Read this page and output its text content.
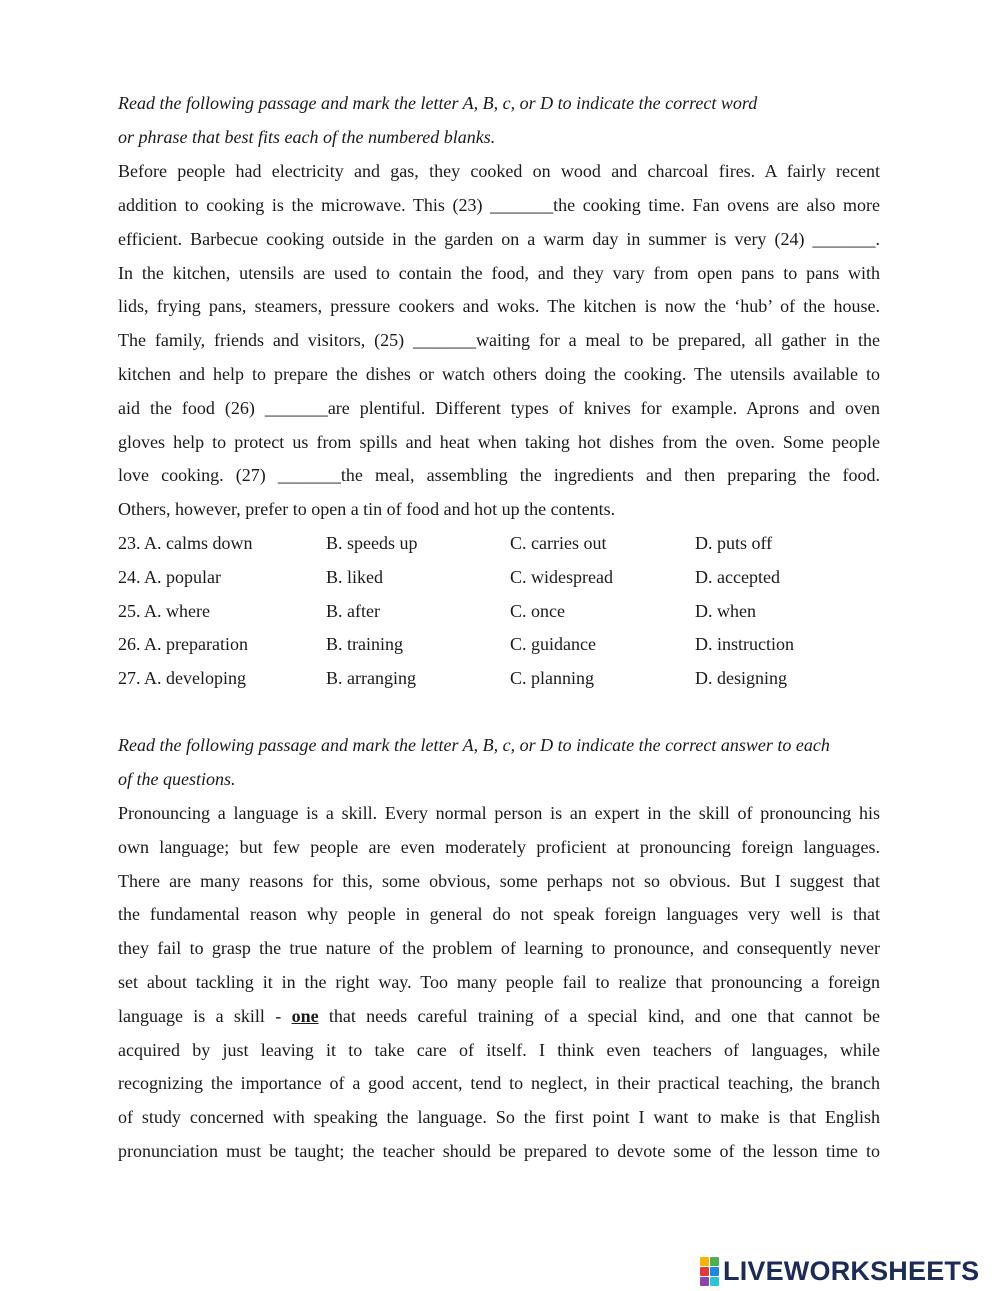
Read the following passage and mark the letter A, B, c, or D to indicate the correct word
or phrase that best fits each of the numbered blanks.
Before people had electricity and gas, they cooked on wood and charcoal fires. A fairly recent
addition to cooking is the microwave. This (23) _______the cooking time. Fan ovens are also more
efficient. Barbecue cooking outside in the garden on a warm day in summer is very (24) _______.
In the kitchen, utensils are used to contain the food, and they vary from open pans to pans with
lids, frying pans, steamers, pressure cookers and woks. The kitchen is now the ‘hub’ of the house.
The family, friends and visitors, (25) _______waiting for a meal to be prepared, all gather in the
kitchen and help to prepare the dishes or watch others doing the cooking. The utensils available to
aid the food (26) _______are plentiful. Different types of knives for example. Aprons and oven
gloves help to protect us from spills and heat when taking hot dishes from the oven. Some people
love cooking. (27) _______the meal, assembling the ingredients and then preparing the food.
Others, however, prefer to open a tin of food and hot up the contents.
23. A. calms down	B. speeds up	C. carries out	D. puts off
24. A. popular	B. liked	C. widespread	D. accepted
25. A. where	B. after	C. once	D. when
26. A. preparation	B. training	C. guidance	D. instruction
27. A. developing	B. arranging	C. planning	D. designing
Read the following passage and mark the letter A, B, c, or D to indicate the correct answer to each
of the questions.
Pronouncing a language is a skill. Every normal person is an expert in the skill of pronouncing his
own language; but few people are even moderately proficient at pronouncing foreign languages.
There are many reasons for this, some obvious, some perhaps not so obvious. But I suggest that
the fundamental reason why people in general do not speak foreign languages very well is that
they fail to grasp the true nature of the problem of learning to pronounce, and consequently never
set about tackling it in the right way. Too many people fail to realize that pronouncing a foreign
language is a skill - one that needs careful training of a special kind, and one that cannot be
acquired by just leaving it to take care of itself. I think even teachers of languages, while
recognizing the importance of a good accent, tend to neglect, in their practical teaching, the branch
of study concerned with speaking the language. So the first point I want to make is that English
pronunciation must be taught; the teacher should be prepared to devote some of the lesson time to
LIVEWORKSHEETS
